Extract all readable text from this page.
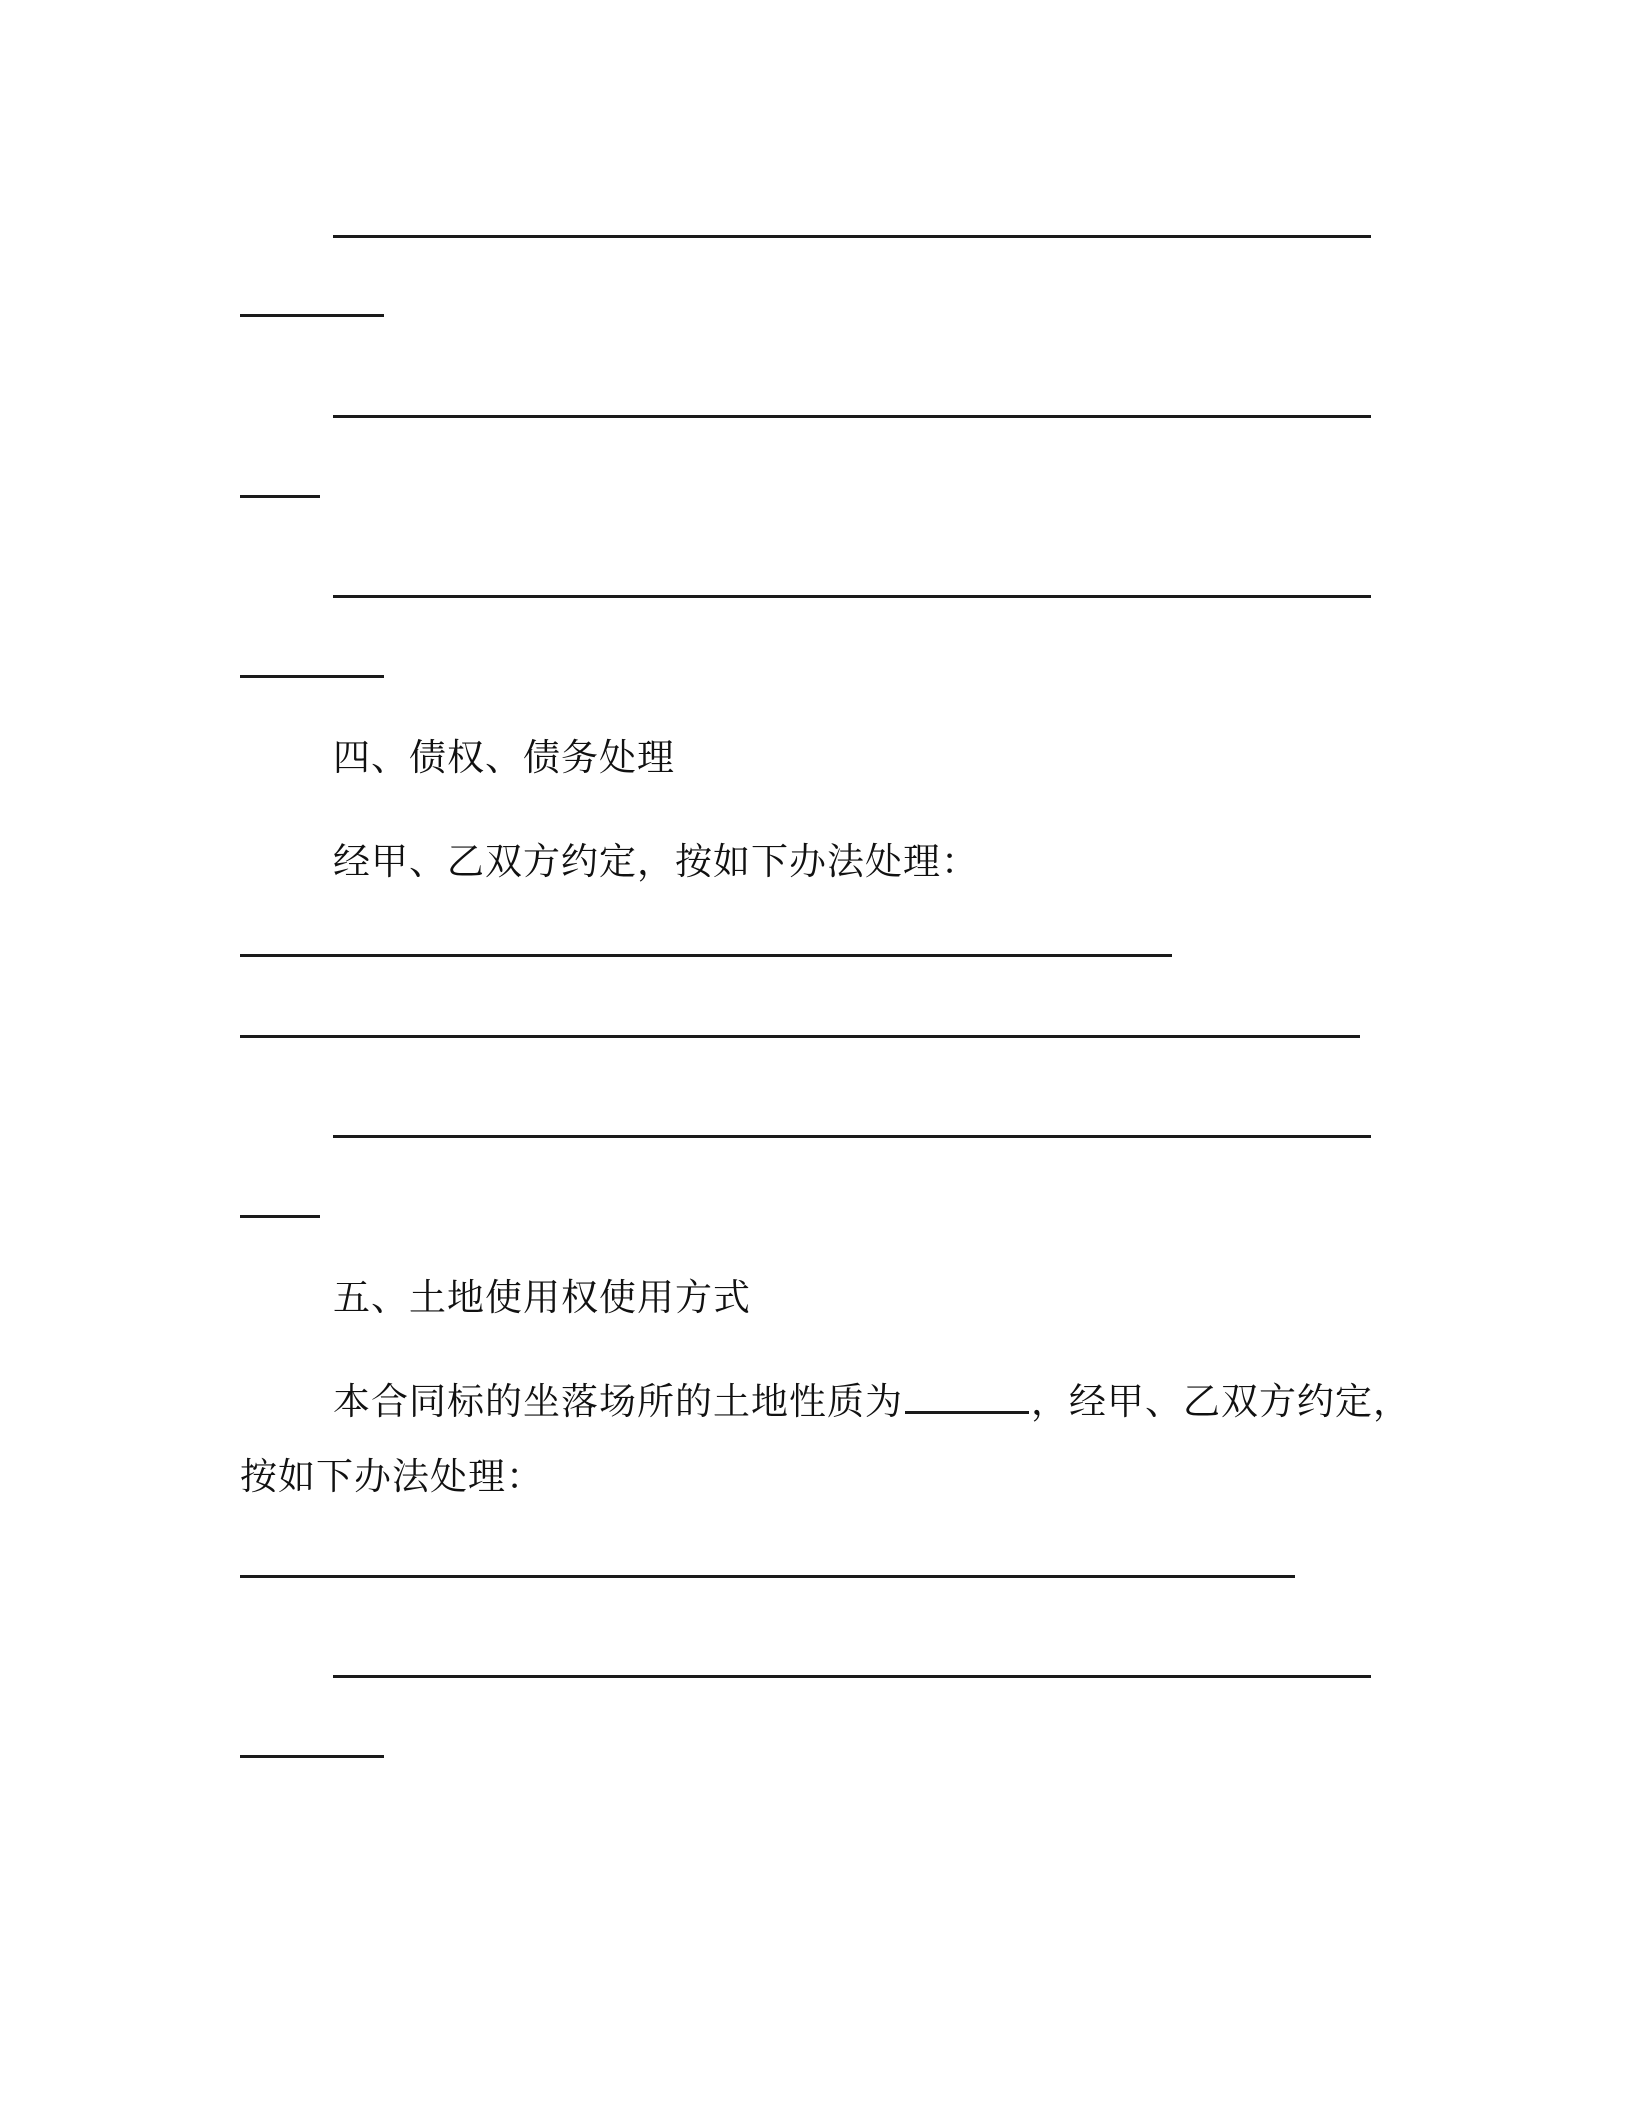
四、债权、债务处理
经甲、乙双方约定，按如下办法处理：
五、土地使用权使用方式
本合同标的坐落场所的土地性质为	，经甲、乙双方约定，
按如下办法处理：
